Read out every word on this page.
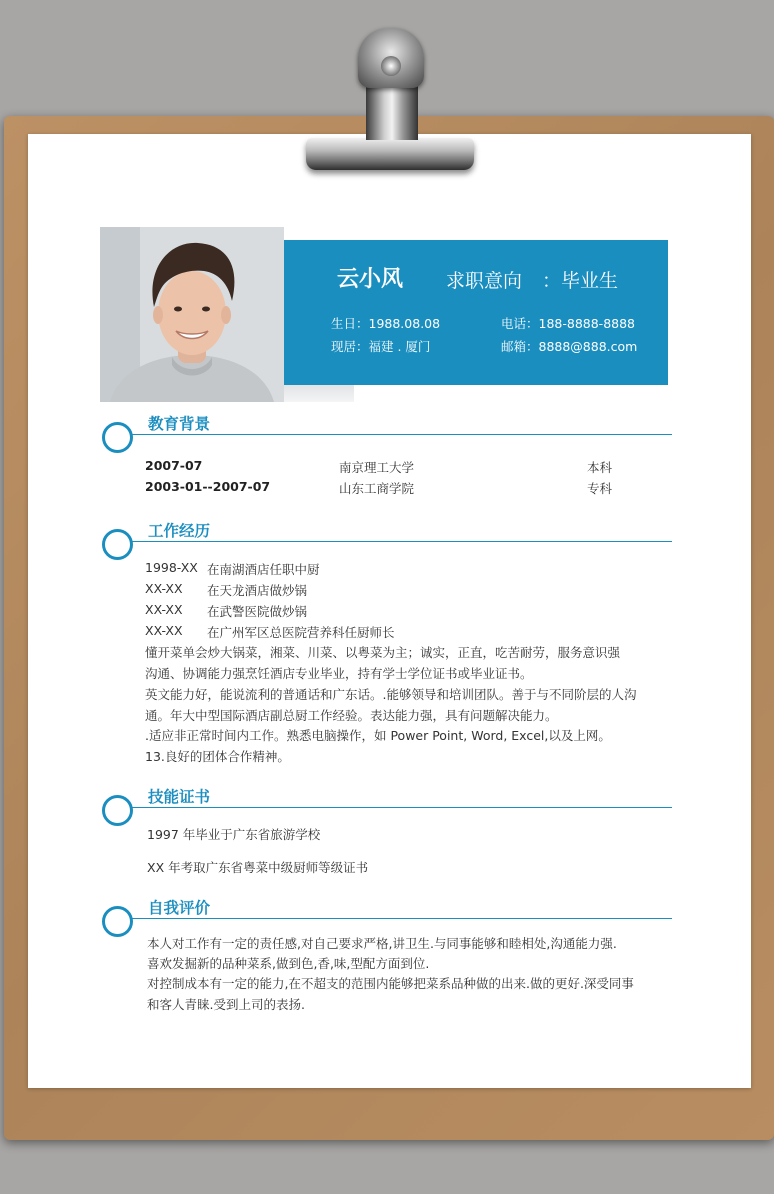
云小风 求职意向 ：毕业生
生日：1988.08.08
现居：福建 . 厦门
电话：188-8888-8888
邮箱：8888@888.com
教育背景
2007-07	南京理工大学	本科
2003-01--2007-07	山东工商学院	专科
工作经历
1998-XX 在南湖酒店任职中厨
XX-XX 在天龙酒店做炒锅
XX-XX 在武警医院做炒锅
XX-XX 在广州军区总医院营养科任厨师长
懂开菜单会炒大锅菜，湘菜、川菜、以粤菜为主；诚实，正直，吃苦耐劳，服务意识强
沟通、协调能力强烹饪酒店专业毕业，持有学士学位证书或毕业证书。
英文能力好，能说流利的普通话和广东话。.能够领导和培训团队。善于与不同阶层的人沟
通。年大中型国际酒店副总厨工作经验。表达能力强，具有问题解决能力。
.适应非正常时间内工作。熟悉电脑操作，如 Power Point, Word, Excel,以及上网。
13.良好的团体合作精神。
技能证书
1997 年毕业于广东省旅游学校
XX 年考取广东省粤菜中级厨师等级证书
自我评价
本人对工作有一定的责任感,对自己要求严格,讲卫生.与同事能够和睦相处,沟通能力强.
喜欢发掘新的品种菜系,做到色,香,味,型配方面到位.
对控制成本有一定的能力,在不超支的范围内能够把菜系品种做的出来.做的更好.深受同事
和客人青睐.受到上司的表扬.
